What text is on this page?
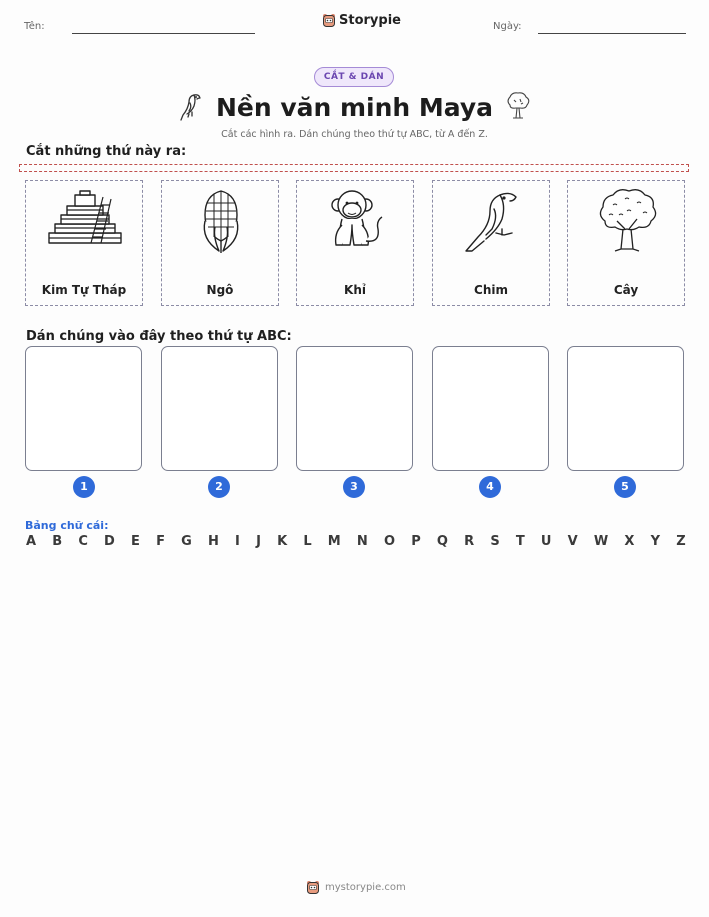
Tên:	Storypie	Ngày:
CẮT & DÁN
Nền văn minh Maya
Cắt các hình ra. Dán chúng theo thứ tự ABC, từ A đến Z.
Cắt những thứ này ra:
Kim Tự Tháp	Ngô	Khỉ	Chim	Cây
Dán chúng vào đây theo thứ tự ABC:
1	2	3	4	5
Bảng chữ cái:
A B C D E F G H I J K L M N O P Q R S T U V W X Y Z
mystorypie.com
